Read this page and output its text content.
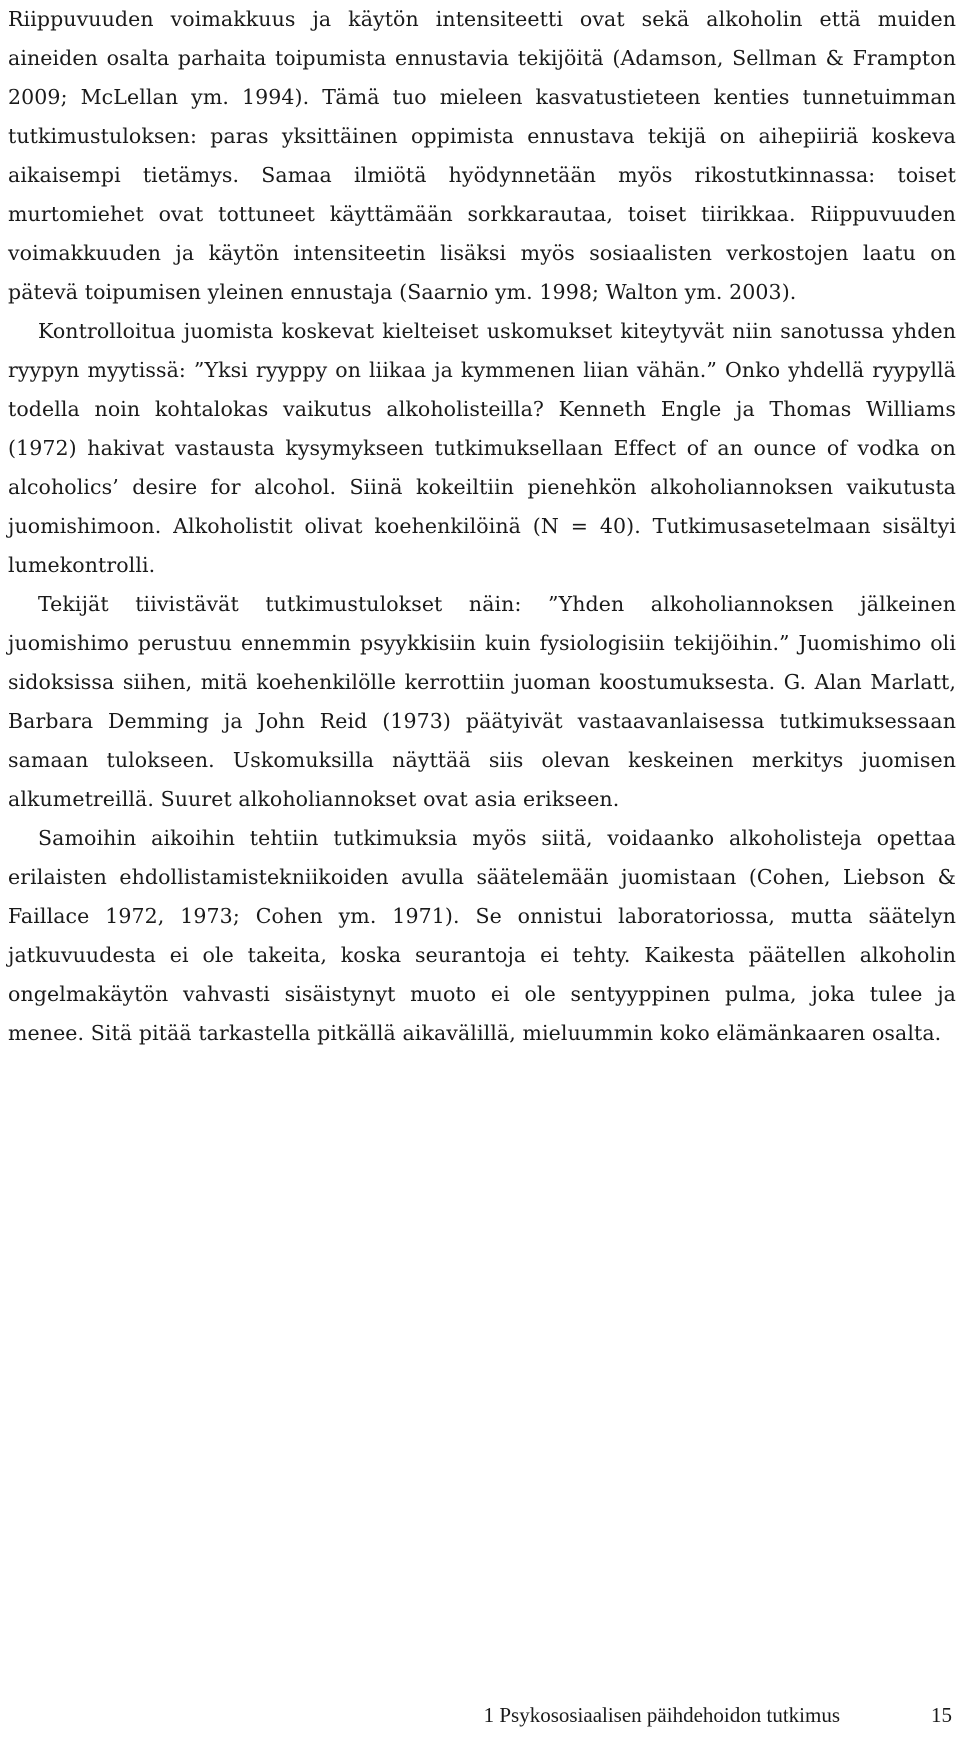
Riippuvuuden voimakkuus ja käytön intensiteetti ovat sekä alkoholin että muiden aineiden osalta parhaita toipumista ennustavia tekijöitä (Adamson, Sellman & Frampton 2009; McLellan ym. 1994). Tämä tuo mieleen kasvatustieteen kenties tunnetuimman tutkimustuloksen: paras yksittäinen oppimista ennustava tekijä on aihepiiriä koskeva aikaisempi tietämys. Samaa ilmiötä hyödynnetään myös rikostutkinnassa: toiset murtomiehet ovat tottuneet käyttämään sorkkarautaa, toiset tiirikkaa. Riippuvuuden voimakkuuden ja käytön intensiteetin lisäksi myös sosiaalisten verkostojen laatu on pätevä toipumisen yleinen ennustaja (Saarnio ym. 1998; Walton ym. 2003).

Kontrolloitua juomista koskevat kielteiset uskomukset kiteytyvät niin sanotussa yhden ryypyn myytissä: ”Yksi ryyppy on liikaa ja kymmenen liian vähän.” Onko yhdellä ryypyllä todella noin kohtalokas vaikutus alkoholisteilla? Kenneth Engle ja Thomas Williams (1972) hakivat vastausta kysymykseen tutkimuksellaan Effect of an ounce of vodka on alcoholics’ desire for alcohol. Siinä kokeiltiin pienehkön alkoholiannoksen vaikutusta juomishimoon. Alkoholistit olivat koehenkilöinä (N = 40). Tutkimusasetelmaan sisältyi lumekontrolli.

Tekijät tiivistävät tutkimustulokset näin: ”Yhden alkoholiannoksen jälkeinen juomishimo perustuu ennemmin psyykkisiin kuin fysiologisiin tekijöihin.” Juomishimo oli sidoksissa siihen, mitä koehenkilölle kerrottiin juoman koostumuksesta. G. Alan Marlatt, Barbara Demming ja John Reid (1973) päätyivät vastaavanlaisessa tutkimuksessaan samaan tulokseen. Uskomuksilla näyttää siis olevan keskeinen merkitys juomisen alkumetreillä. Suuret alkoholiannokset ovat asia erikseen.

Samoihin aikoihin tehtiin tutkimuksia myös siitä, voidaanko alkoholisteja opettaa erilaisten ehdollistamistekniikoiden avulla säätelemään juomistaan (Cohen, Liebson & Faillace 1972, 1973; Cohen ym. 1971). Se onnistui laboratoriossa, mutta säätelyn jatkuvuudesta ei ole takeita, koska seurantoja ei tehty. Kaikesta päätellen alkoholin ongelmakäytön vahvasti sisäistynyt muoto ei ole sentyyppinen pulma, joka tulee ja menee. Sitä pitää tarkastella pitkällä aikavälillä, mieluummin koko elämänkaaren osalta.

1 Psykososiaalisen päihdehoidon tutkimus	15
